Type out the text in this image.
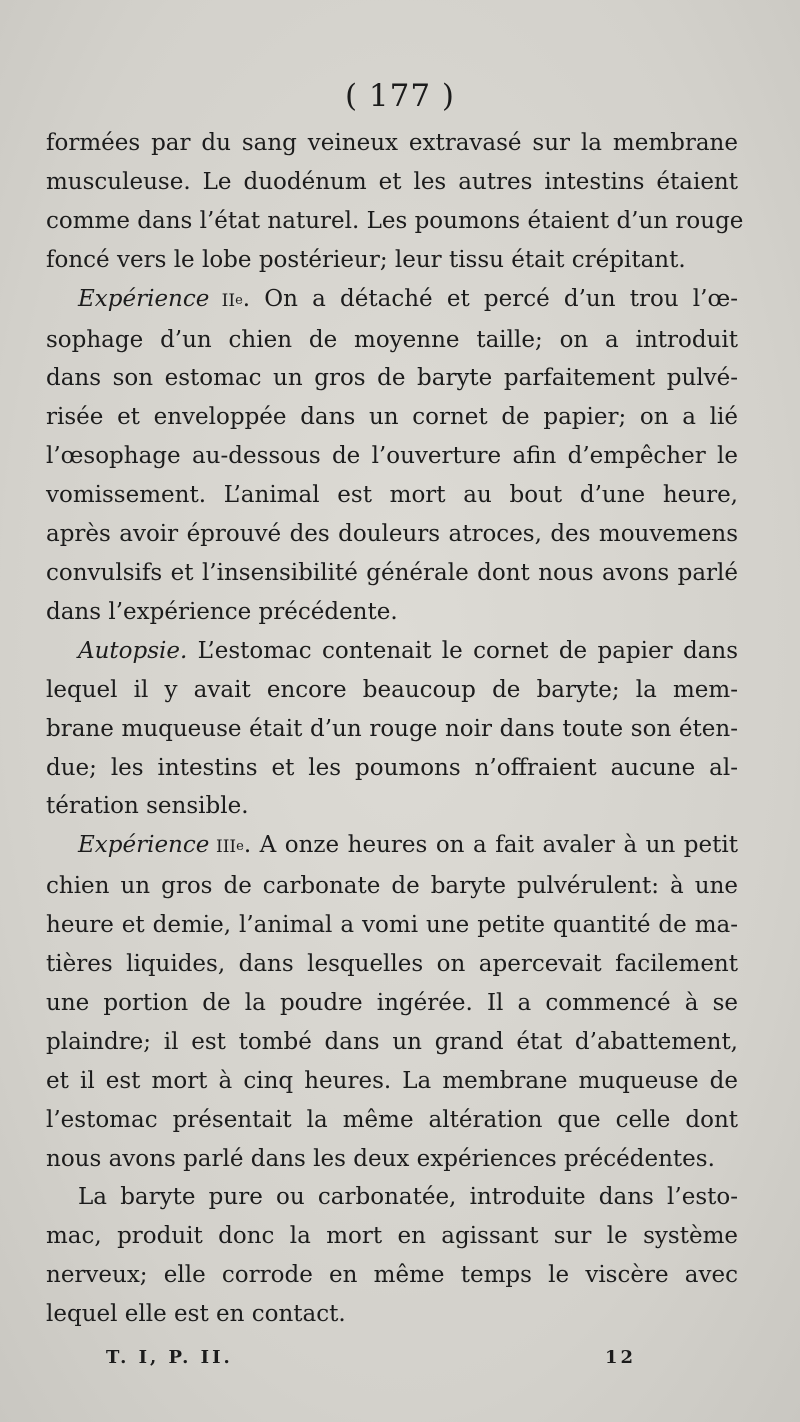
( 177 )
formées par du sang veineux extravasé sur la membrane
musculeuse. Le duodénum et les autres intestins étaient
comme dans l’état naturel. Les poumons étaient d’un rouge
foncé vers le lobe postérieur; leur tissu était crépitant.
Expérience IIe. On a détaché et percé d’un trou l’œ-
sophage d’un chien de moyenne taille; on a introduit
dans son estomac un gros de baryte parfaitement pulvé-
risée et enveloppée dans un cornet de papier; on a lié
l’œsophage au-dessous de l’ouverture afin d’empêcher le
vomissement. L’animal est mort au bout d’une heure,
après avoir éprouvé des douleurs atroces, des mouvemens
convulsifs et l’insensibilité générale dont nous avons parlé
dans l’expérience précédente.
Autopsie. L’estomac contenait le cornet de papier dans
lequel il y avait encore beaucoup de baryte; la mem-
brane muqueuse était d’un rouge noir dans toute son éten-
due; les intestins et les poumons n’offraient aucune al-
tération sensible.
Expérience IIIe. A onze heures on a fait avaler à un petit
chien un gros de carbonate de baryte pulvérulent: à une
heure et demie, l’animal a vomi une petite quantité de ma-
tières liquides, dans lesquelles on apercevait facilement
une portion de la poudre ingérée. Il a commencé à se
plaindre; il est tombé dans un grand état d’abattement,
et il est mort à cinq heures. La membrane muqueuse de
l’estomac présentait la même altération que celle dont
nous avons parlé dans les deux expériences précédentes.
La baryte pure ou carbonatée, introduite dans l’esto-
mac, produit donc la mort en agissant sur le système
nerveux; elle corrode en même temps le viscère avec
lequel elle est en contact.
T. I, P. II.	12
